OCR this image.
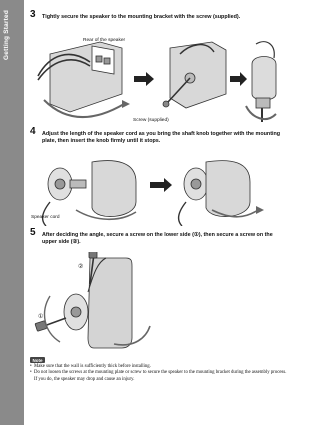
Getting Started 3 Tightly secure the speaker to the mounting bracket with the screw (supplied).
Rear of the speaker
Screw (supplied)
4 Adjust the length of the speaker cord as you bring the shaft knob together with the mounting plate, then insert the knob firmly until it stops.
Speaker cord
5 After deciding the angle, secure a screw on the lower side (①), then secure a screw on the upper side (②).
①
②
Note
• Make sure that the wall is sufficiently thick before installing.
• Do not loosen the screws at the mounting plate or screw to secure the speaker to the mounting bracket during the assembly process. If you do, the speaker may drop and cause an injury.
